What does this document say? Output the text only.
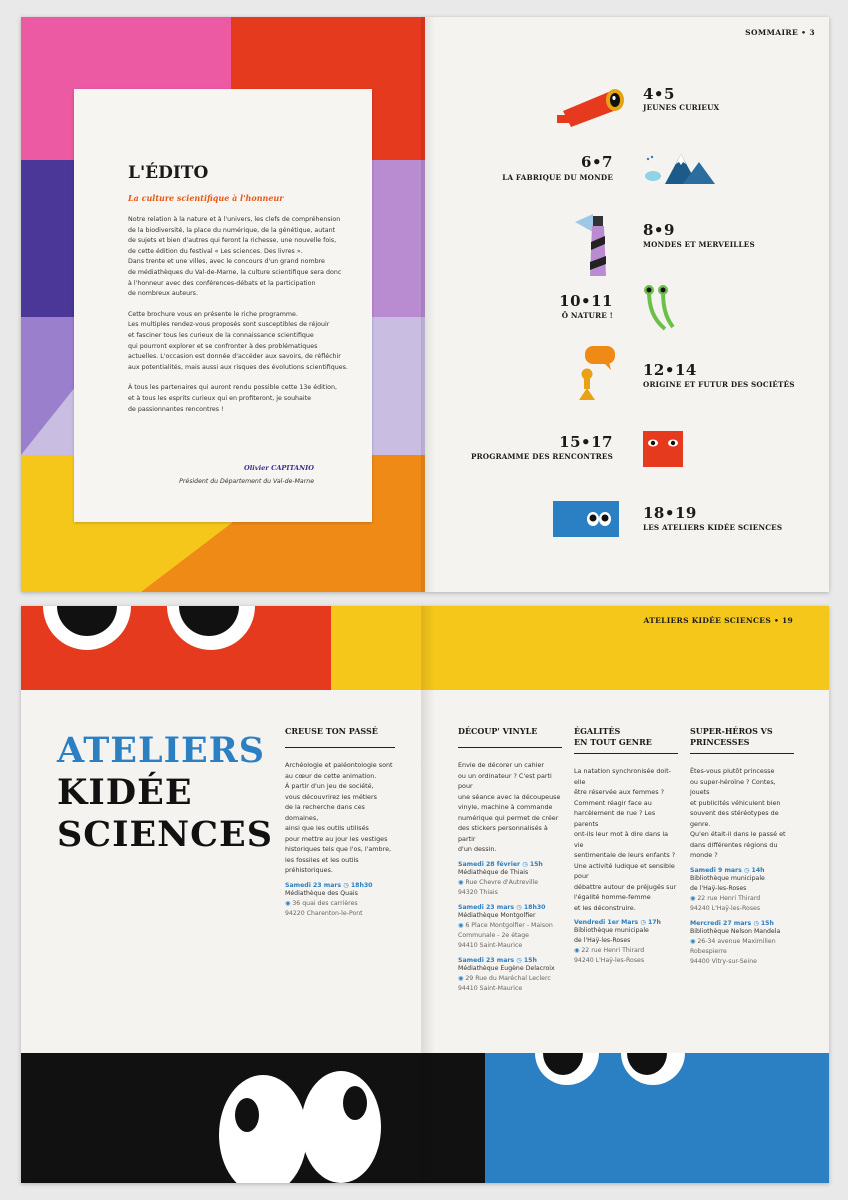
L'ÉDITO
La culture scientifique à l'honneur

Notre relation à la nature et à l'univers, les clefs de compréhension
de la biodiversité, la place du numérique, de la génétique, autant
de sujets et bien d'autres qui feront la richesse, une nouvelle fois,
de cette édition du festival « Les sciences. Des livres ».
Dans trente et une villes, avec le concours d'un grand nombre
de médiathèques du Val-de-Marne, la culture scientifique sera donc
à l'honneur avec des conférences-débats et la participation
de nombreux auteurs.

Cette brochure vous en présente le riche programme.
Les multiples rendez-vous proposés sont susceptibles de réjouir
et fasciner tous les curieux de la connaissance scientifique
qui pourront explorer et se confronter à des problématiques
actuelles. L'occasion est donnée d'accéder aux savoirs, de réfléchir
aux potentialités, mais aussi aux risques des évolutions scientifiques.

À tous les partenaires qui auront rendu possible cette 13e édition,
et à tous les esprits curieux qui en profiteront, je souhaite
de passionnantes rencontres !

Olivier CAPITANIO
Président du Département du Val-de-Marne
SOMMAIRE • 3
4•5
JEUNES CURIEUX
6•7
LA FABRIQUE DU MONDE
8•9
MONDES ET MERVEILLES
10•11
Ô NATURE !
12•14
ORIGINE ET FUTUR DES SOCIÉTÉS
15•17
PROGRAMME DES RENCONTRES
18•19
LES ATELIERS KIDÉE SCIENCES
ATELIERS KIDÉE SCIENCES • 19
ATELIERS
KIDÉE
SCIENCES
CREUSE TON PASSÉ
Archéologie et paléontologie sont
au cœur de cette animation.
À partir d'un jeu de société,
vous découvrirez les métiers
de la recherche dans ces domaines,
ainsi que les outils utilisés
pour mettre au jour les vestiges
historiques tels que l'os, l'ambre,
les fossiles et les outils
préhistoriques.
Samedi 23 mars ◷ 18h30
Médiathèque des Quais
◉ 36 quai des carrières
94220 Charenton-le-Pont
DÉCOUP' VINYLE
Envie de décorer un cahier
ou un ordinateur ? C'est parti pour
une séance avec la découpeuse
vinyle, machine à commande
numérique qui permet de créer
des stickers personnalisés à partir
d'un dessin.
Samedi 28 février ◷ 15h
Médiathèque de Thiais
◉ Rue Chevre d'Autreville
94320 Thiais
Samedi 23 mars ◷ 18h30
Médiathèque Montgolfier
◉ 6 Place Montgolfier - Maison
Communale - 2e étage
94410 Saint-Maurice
Samedi 23 mars ◷ 15h
Médiathèque Eugène Delacroix
◉ 29 Rue du Maréchal Leclerc
94410 Saint-Maurice
ÉGALITÉS
EN TOUT GENRE
La natation synchronisée doit-elle
être réservée aux femmes ?
Comment réagir face au
harcèlement de rue ? Les parents
ont-ils leur mot à dire dans la vie
sentimentale de leurs enfants ?
Une activité ludique et sensible pour
débattre autour de préjugés sur
l'égalité homme-femme
et les déconstruire.
Vendredi 1er Mars ◷ 17h
Bibliothèque municipale
de l'Haÿ-les-Roses
◉ 22 rue Henri Thirard
94240 L'Haÿ-les-Roses
SUPER-HÉROS VS
PRINCESSES
Êtes-vous plutôt princesse
ou super-héroïne ? Contes, jouets
et publicités véhiculent bien
souvent des stéréotypes de genre.
Qu'en était-il dans le passé et
dans différentes régions du monde ?
Samedi 9 mars ◷ 14h
Bibliothèque municipale
de l'Haÿ-les-Roses
◉ 22 rue Henri Thirard
94240 L'Haÿ-les-Roses
Mercredi 27 mars ◷ 15h
Bibliothèque Nelson Mandela
◉ 26-34 avenue Maximilien
Robespierre
94400 Vitry-sur-Seine
